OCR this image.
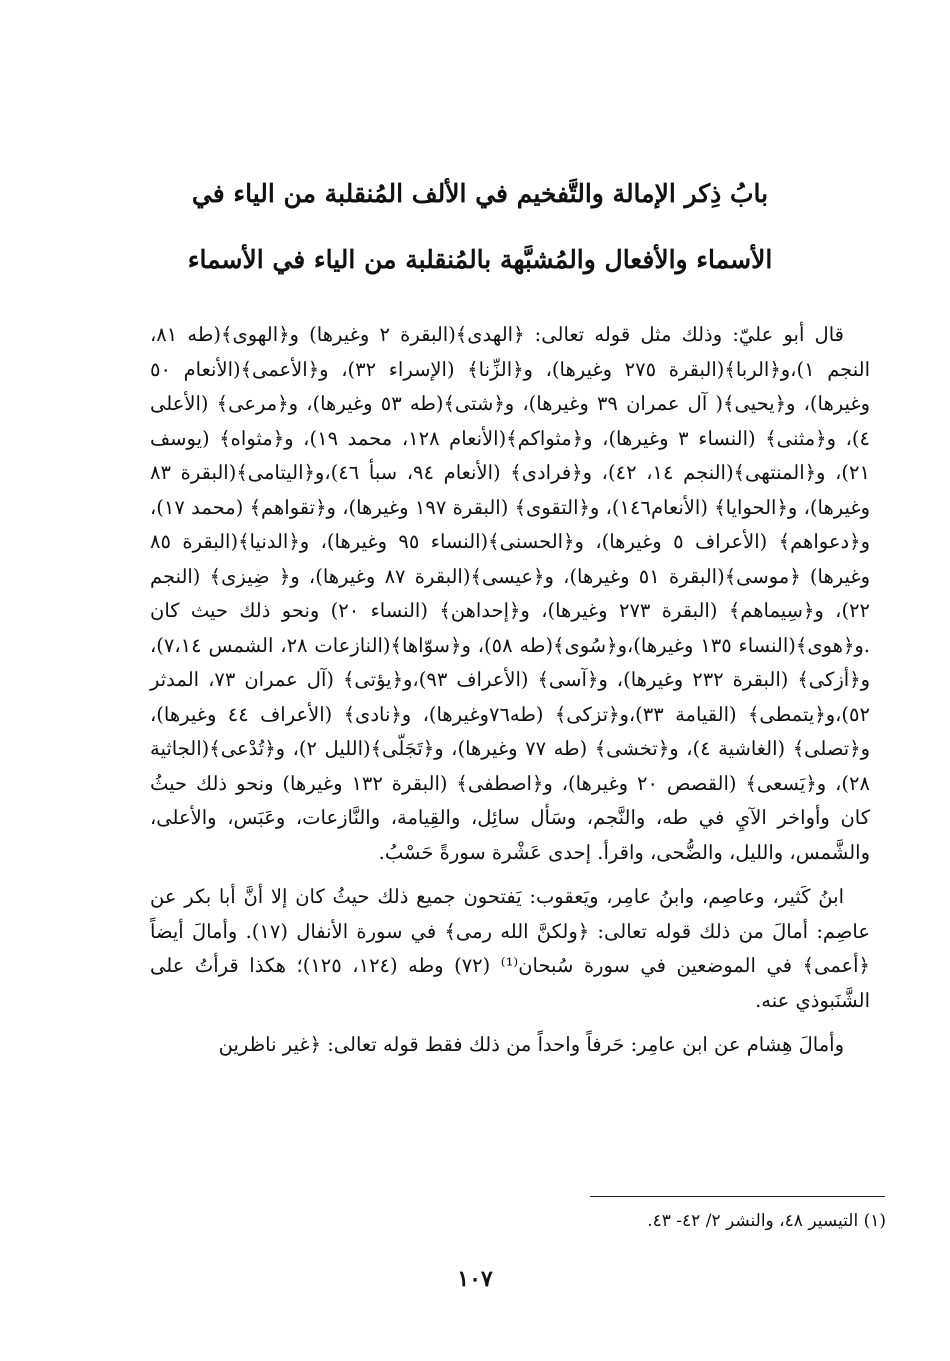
بابُ ذِكر الإمالة والتَّفخيم في الألف المُنقلبة من الياء في
الأسماء والأفعال والمُشبَّهة بالمُنقلبة من الياء في الأسماء

قال أبو عليّ: وذلك مثل قوله تعالى: ﴿الهدى﴾(البقرة ٢ وغيرها) و﴿الهوى﴾(طه ٨١، النجم ١)،و﴿الربا﴾(البقرة ٢٧٥ وغيرها)، و﴿الزِّنا﴾ (الإسراء ٣٢)، و﴿الأعمى﴾(الأنعام ٥٠ وغيرها)، و﴿يحيى﴾( آل عمران ٣٩ وغيرها)، و﴿شتى﴾(طه ٥٣ وغيرها)، و﴿مرعى﴾ (الأعلى ٤)، و﴿مثنى﴾ (النساء ٣ وغيرها)، و﴿مثواكم﴾(الأنعام ١٢٨، محمد ١٩)، و﴿مثواه﴾ (يوسف ٢١)، و﴿المنتهى﴾(النجم ١٤، ٤٢)، و﴿فرادى﴾ (الأنعام ٩٤، سبأ ٤٦)،و﴿اليتامى﴾(البقرة ٨٣ وغيرها)، و﴿الحوايا﴾ (الأنعام١٤٦)، و﴿التقوى﴾ (البقرة ١٩٧ وغيرها)، و﴿تقواهم﴾ (محمد ١٧)، و﴿دعواهم﴾ (الأعراف ٥ وغيرها)، و﴿الحسنى﴾(النساء ٩٥ وغيرها)، و﴿الدنيا﴾(البقرة ٨٥ وغيرها) ﴿موسى﴾(البقرة ٥١ وغيرها)، و﴿عيسى﴾(البقرة ٨٧ وغيرها)، و﴿ ضِيزى﴾ (النجم ٢٢)، و﴿سِيماهم﴾ (البقرة ٢٧٣ وغيرها)، و﴿إحداهن﴾ (النساء ٢٠) ونحو ذلك حيث كان .و﴿هوى﴾(النساء ١٣٥ وغيرها)،و﴿سُوى﴾(طه ٥٨)، و﴿سوّاها﴾(النازعات ٢٨، الشمس ٧،١٤)، و﴿أزكى﴾ (البقرة ٢٣٢ وغيرها)، و﴿آسى﴾ (الأعراف ٩٣)،و﴿يؤتى﴾ (آل عمران ٧٣، المدثر ٥٢)،و﴿يتمطى﴾ (القيامة ٣٣)،و﴿تزكى﴾ (طه٧٦وغيرها)، و﴿نادى﴾ (الأعراف ٤٤ وغيرها)، و﴿تصلى﴾ (الغاشية ٤)، و﴿تخشى﴾ (طه ٧٧ وغيرها)، و﴿تَجَلّى﴾(الليل ٢)، و﴿تُدْعى﴾(الجاثية ٢٨)، و﴿يَسعى﴾ (القصص ٢٠ وغيرها)، و﴿اصطفى﴾ (البقرة ١٣٢ وغيرها) ونحو ذلك حيثُ كان وأواخر الآيِ في طه، والنَّجم، وسَأل سائِل، والقِيامة، والنَّازعات، وعَبَس، والأعلى، والشَّمس، والليل، والضُّحى، واقرأ. إحدى عَشْرة سورةً حَسْبُ.

ابنُ كَثير، وعاصِم، وابنُ عامِر، ويَعقوب: يَفتحون جميع ذلك حيثُ كان إلا أنَّ أبا بكر عن عاصِم: أمالَ من ذلك قوله تعالى: ﴿ولكنَّ الله رمى﴾ في سورة الأنفال (١٧). وأمالَ أيضاً ﴿أعمى﴾ في الموضعين في سورة سُبحان⁽¹⁾ (٧٢) وطه (١٢٤، ١٢٥)؛ هكذا قرأتُ على الشَّنَبوذي عنه.

وأمالَ هِشام عن ابن عامِر: حَرفاً واحداً من ذلك فقط قوله تعالى: ﴿غير ناظرين

(١) التيسير ٤٨، والنشر ٢/ ٤٢- ٤٣.
١٠٧
